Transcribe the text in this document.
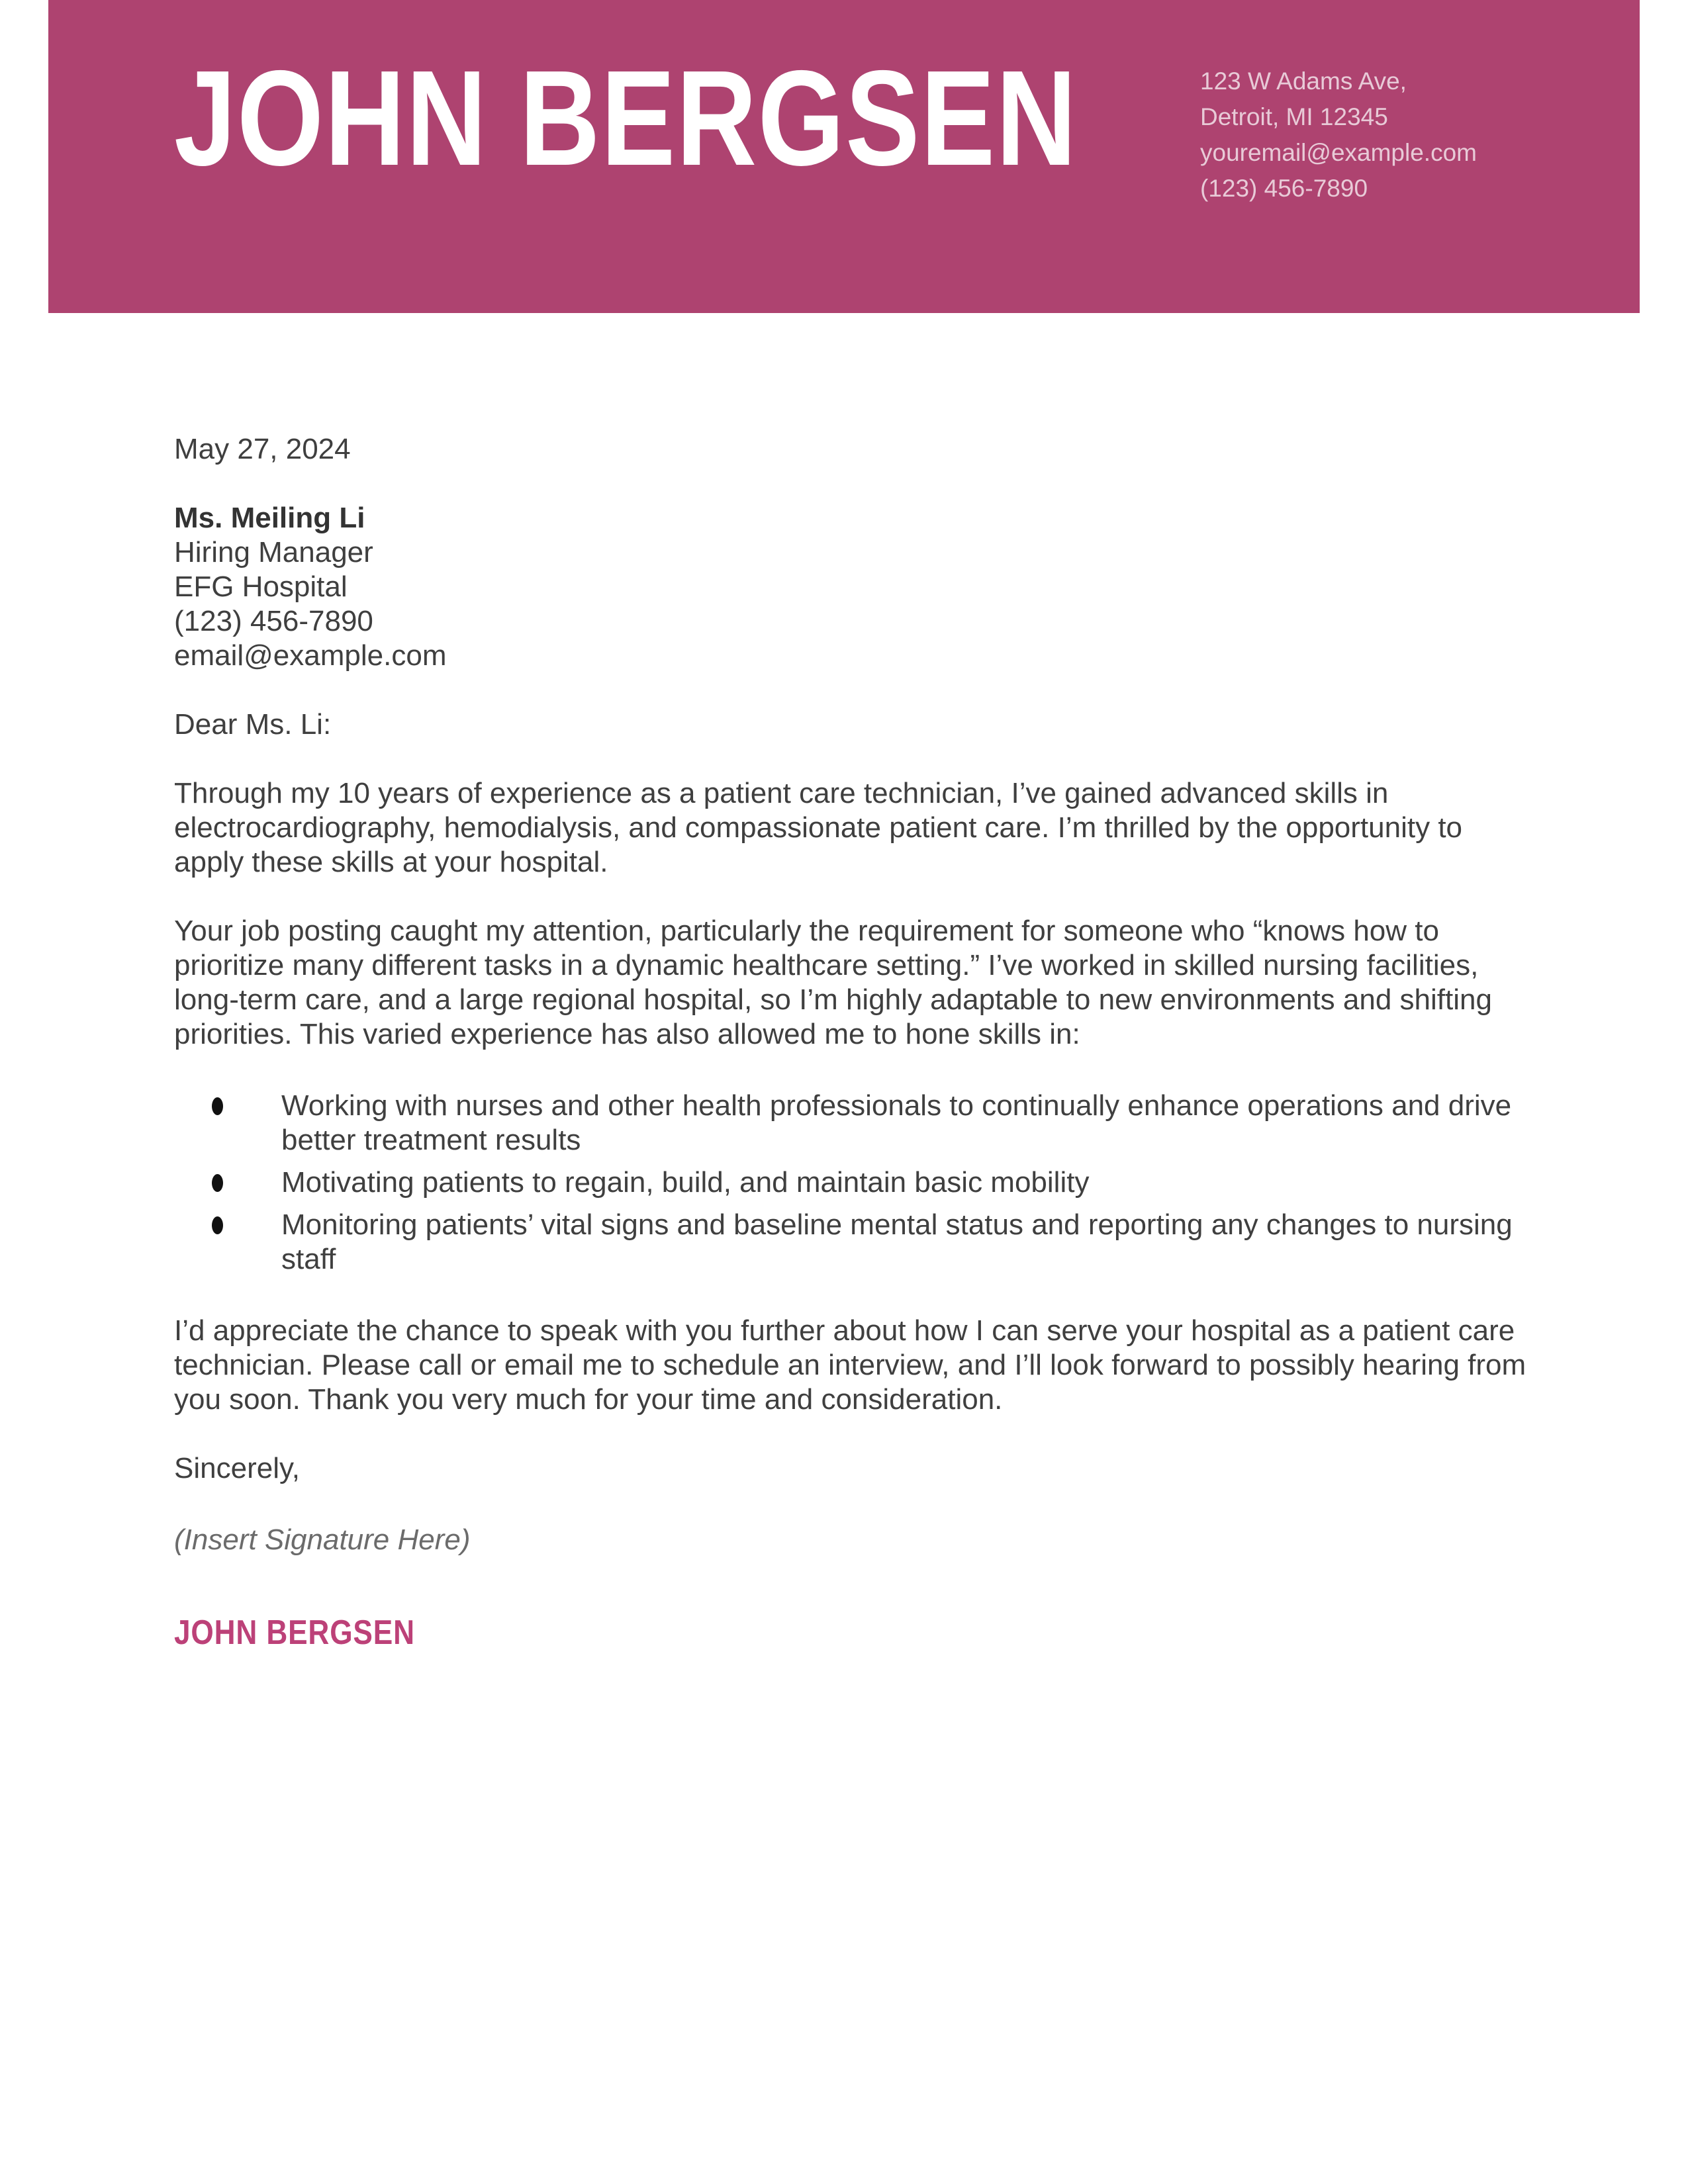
JOHN BERGSEN	123 W Adams Ave,
Detroit, MI 12345
youremail@example.com
(123) 456-7890
May 27, 2024
Ms. Meiling Li
Hiring Manager
EFG Hospital
(123) 456-7890
email@example.com
Dear Ms. Li:
Through my 10 years of experience as a patient care technician, I’ve gained advanced skills in electrocardiography, hemodialysis, and compassionate patient care. I’m thrilled by the opportunity to apply these skills at your hospital.
Your job posting caught my attention, particularly the requirement for someone who “knows how to prioritize many different tasks in a dynamic healthcare setting.” I’ve worked in skilled nursing facilities, long-term care, and a large regional hospital, so I’m highly adaptable to new environments and shifting priorities. This varied experience has also allowed me to hone skills in:
Working with nurses and other health professionals to continually enhance operations and drive better treatment results
Motivating patients to regain, build, and maintain basic mobility
Monitoring patients’ vital signs and baseline mental status and reporting any changes to nursing staff
I’d appreciate the chance to speak with you further about how I can serve your hospital as a patient care technician. Please call or email me to schedule an interview, and I’ll look forward to possibly hearing from you soon. Thank you very much for your time and consideration.
Sincerely,
(Insert Signature Here)
JOHN BERGSEN
